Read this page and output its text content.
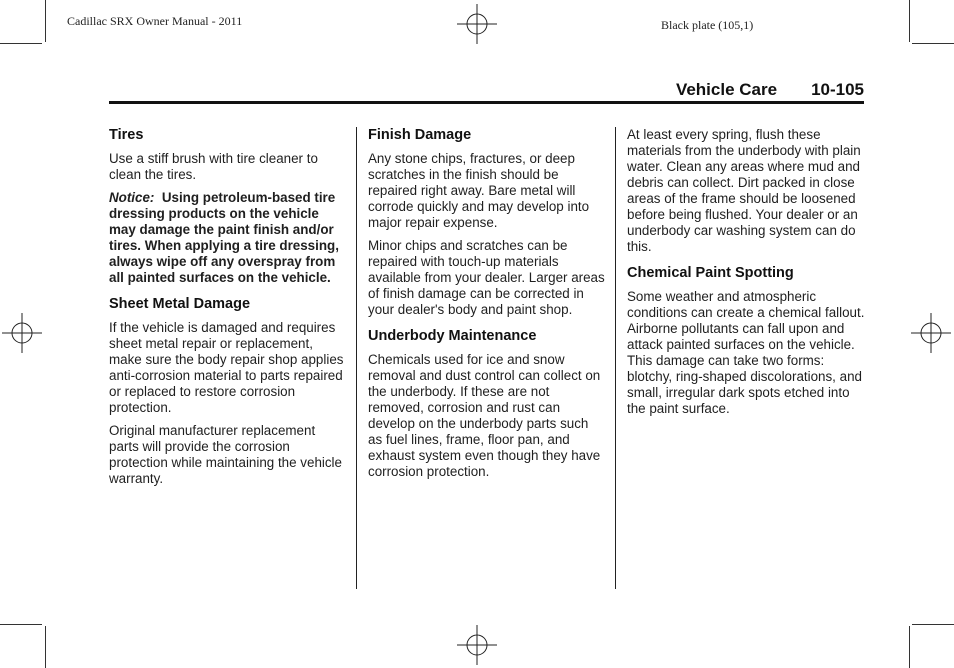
Cadillac SRX Owner Manual - 2011	Black plate (105,1)
Vehicle Care 10-105
Tires

Use a stiff brush with tire cleaner to clean the tires.

Notice: Using petroleum-based tire dressing products on the vehicle may damage the paint finish and/or tires. When applying a tire dressing, always wipe off any overspray from all painted surfaces on the vehicle.

Sheet Metal Damage

If the vehicle is damaged and requires sheet metal repair or replacement, make sure the body repair shop applies anti-corrosion material to parts repaired or replaced to restore corrosion protection.

Original manufacturer replacement parts will provide the corrosion protection while maintaining the vehicle warranty.

Finish Damage

Any stone chips, fractures, or deep scratches in the finish should be repaired right away. Bare metal will corrode quickly and may develop into major repair expense.

Minor chips and scratches can be repaired with touch-up materials available from your dealer. Larger areas of finish damage can be corrected in your dealer's body and paint shop.

Underbody Maintenance

Chemicals used for ice and snow removal and dust control can collect on the underbody. If these are not removed, corrosion and rust can develop on the underbody parts such as fuel lines, frame, floor pan, and exhaust system even though they have corrosion protection.

At least every spring, flush these materials from the underbody with plain water. Clean any areas where mud and debris can collect. Dirt packed in close areas of the frame should be loosened before being flushed. Your dealer or an underbody car washing system can do this.

Chemical Paint Spotting

Some weather and atmospheric conditions can create a chemical fallout. Airborne pollutants can fall upon and attack painted surfaces on the vehicle. This damage can take two forms: blotchy, ring-shaped discolorations, and small, irregular dark spots etched into the paint surface.
